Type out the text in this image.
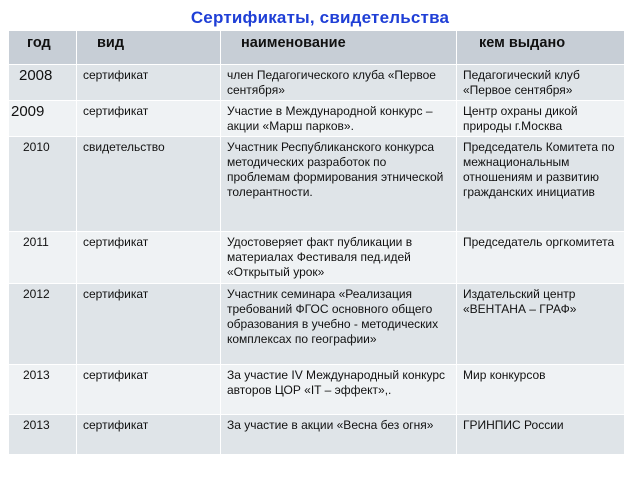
Сертификаты, свидетельства
год	вид	наименование	кем выдано
2008	сертификат	член Педагогического клуба «Первое сентября»	Педагогический клуб «Первое сентября»
2009	сертификат	Участие в Международной конкурс – акции «Марш парков».	Центр охраны дикой природы г.Москва
2010	свидетельство	Участник Республиканского конкурса методических разработок по проблемам формирования этнической толерантности.	Председатель Комитета по межнациональным отношениям и развитию гражданских инициатив
2011	сертификат	Удостоверяет факт публикации в материалах Фестиваля пед.идей «Открытый урок»	Председатель оргкомитета
2012	сертификат	Участник семинара «Реализация требований ФГОС основного общего образования в учебно - методических комплексах по географии»	Издательский центр «ВЕНТАНА – ГРАФ»
2013	сертификат	За участие IV Международный конкурс авторов ЦОР «IT – эффект»,.	Мир конкурсов
2013	сертификат	За участие в акции «Весна без огня»	ГРИНПИС России
